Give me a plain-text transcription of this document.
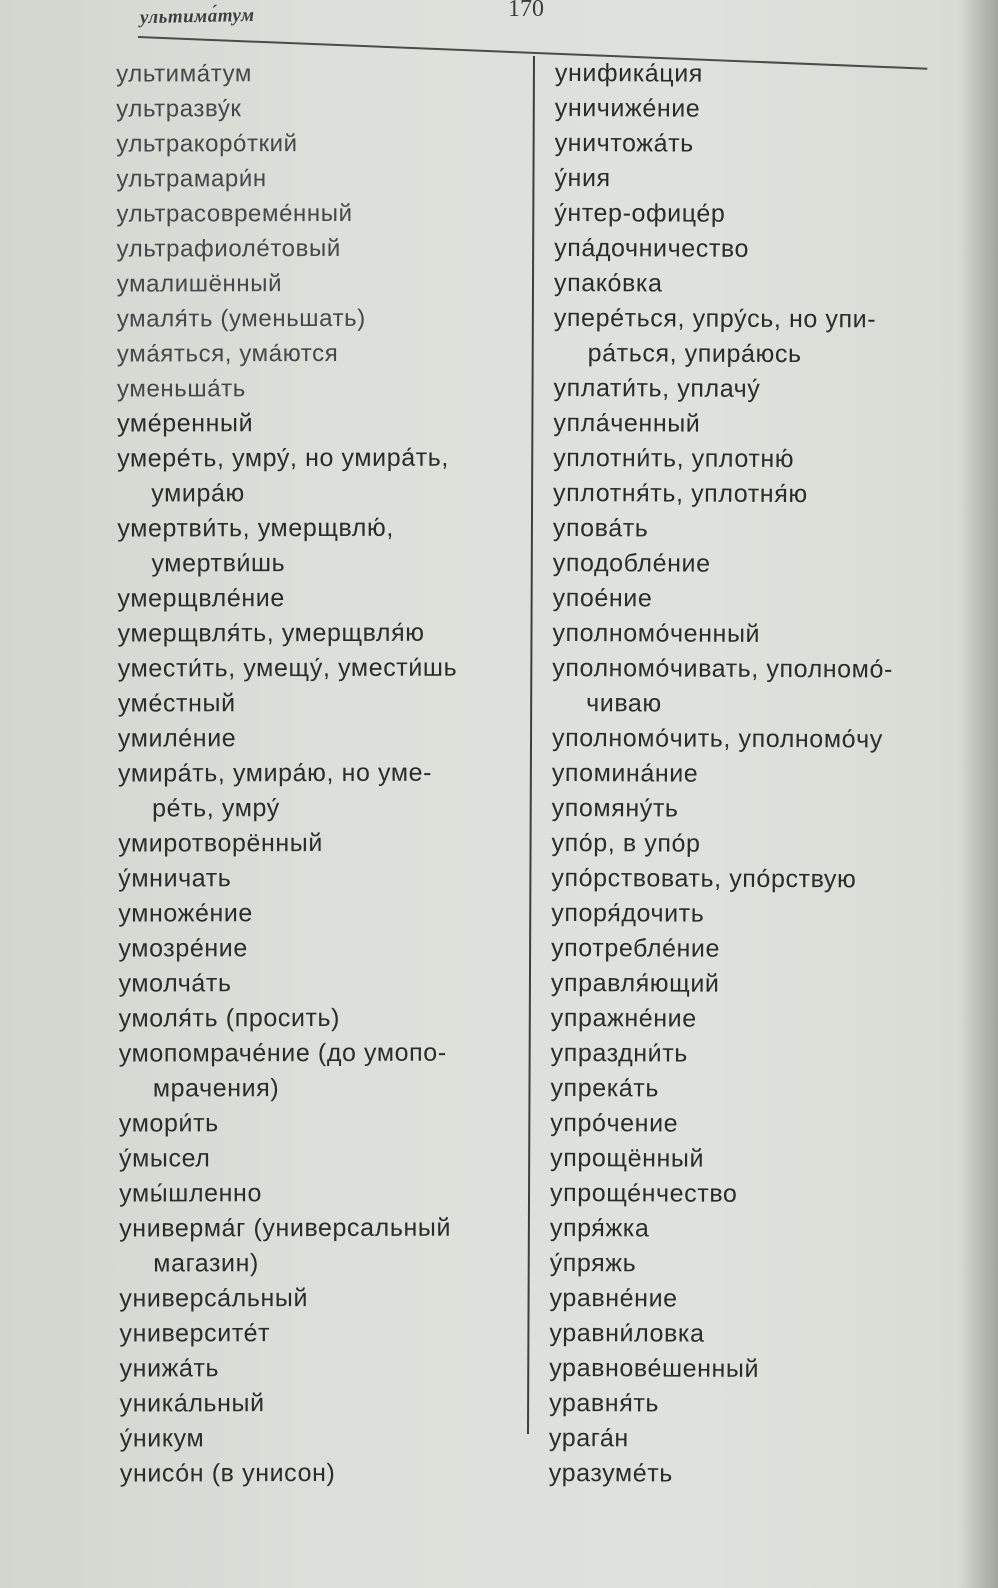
ультима́тум	170
ультима́тум
ультразву́к
ультракоро́ткий
ультрамари́н
ультрасовреме́нный
ультрафиоле́товый
умалишённый
умаля́ть (уменьшать)
ума́яться, ума́ются
уменьша́ть
уме́ренный
умере́ть, умру́, но умира́ть,
умира́ю
умертви́ть, умерщвлю́,
умертви́шь
умерщвле́ние
умерщвля́ть, умерщвля́ю
умести́ть, умещу́, умести́шь
уме́стный
умиле́ние
умира́ть, умира́ю, но уме-
ре́ть, умру́
умиротворённый
у́мничать
умноже́ние
умозре́ние
умолча́ть
умоля́ть (просить)
умопомраче́ние (до умопо-
мрачения)
умори́ть
у́мысел
умы́шленно
универма́г (универсальный
магазин)
универса́льный
университе́т
унижа́ть
уника́льный
у́никум
унисо́н (в унисон)
унифика́ция
уничиже́ние
уничтожа́ть
у́ния
у́нтер-офице́р
упа́дочничество
упако́вка
упере́ться, упру́сь, но упи-
ра́ться, упира́юсь
уплати́ть, уплачу́
упла́ченный
уплотни́ть, уплотню́
уплотня́ть, уплотня́ю
упова́ть
уподобле́ние
упое́ние
уполномо́ченный
уполномо́чивать, уполномо́-
чиваю
уполномо́чить, уполномо́чу
упомина́ние
упомяну́ть
упо́р, в упо́р
упо́рствовать, упо́рствую
упоря́дочить
употребле́ние
управля́ющий
упражне́ние
упраздни́ть
упрека́ть
упро́чение
упрощённый
упроще́нчество
упря́жка
у́пряжь
уравне́ние
уравни́ловка
уравнове́шенный
уравня́ть
урага́н
уразуме́ть
